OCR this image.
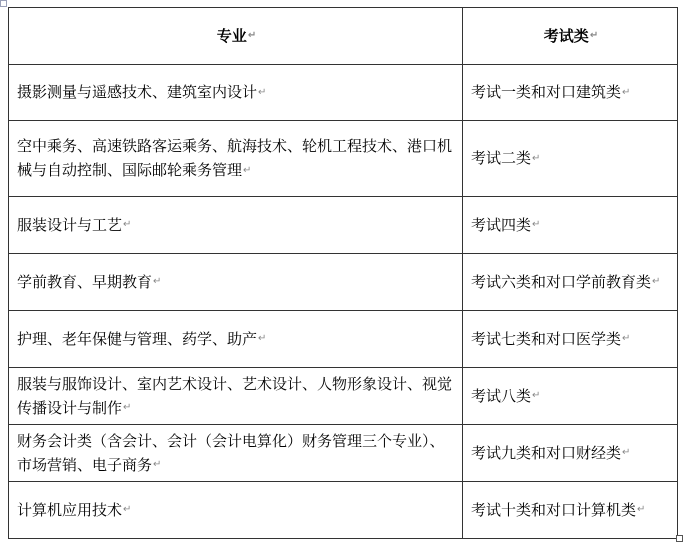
专业↵	考试类↵
摄影测量与遥感技术、建筑室内设计↵	考试一类和对口建筑类↵
空中乘务、高速铁路客运乘务、航海技术、轮机工程技术、港口机械与自动控制、国际邮轮乘务管理↵	考试二类↵
服装设计与工艺↵	考试四类↵
学前教育、早期教育↵	考试六类和对口学前教育类↵
护理、老年保健与管理、药学、助产↵	考试七类和对口医学类↵
服装与服饰设计、室内艺术设计、艺术设计、人物形象设计、视觉传播设计与制作↵	考试八类↵
财务会计类（含会计、会计（会计电算化）财务管理三个专业）、市场营销、电子商务↵	考试九类和对口财经类↵
计算机应用技术↵	考试十类和对口计算机类↵
